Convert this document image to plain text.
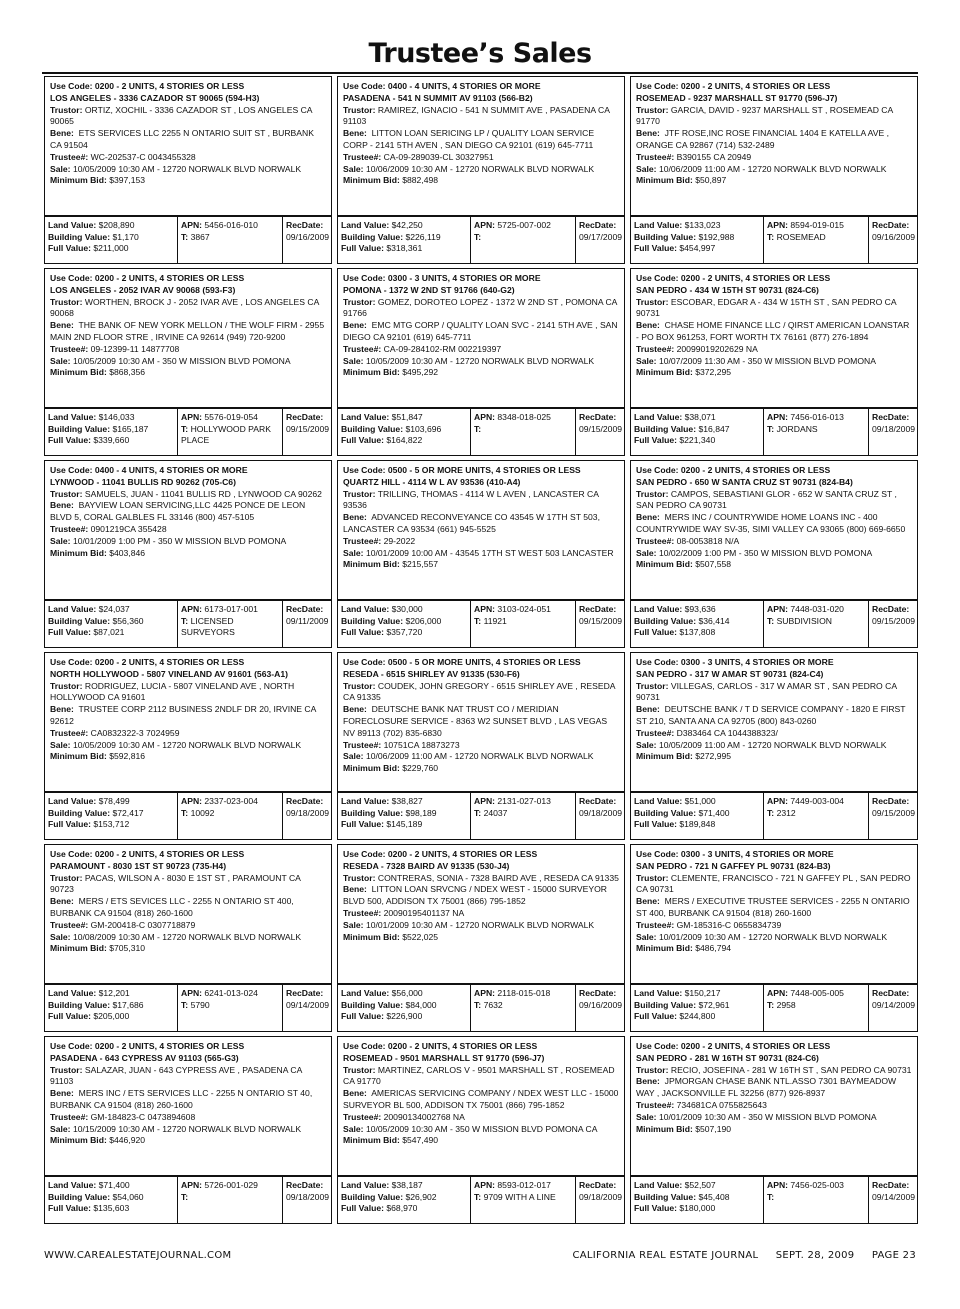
Trustee’s Sales
Use Code: 0200 - 2 UNITS, 4 STORIES OR LESS
LOS ANGELES - 3336 CAZADOR ST 90065 (594-H3)
Trustor: ORTIZ, XOCHIL - 3336 CAZADOR ST , LOS ANGELES CA 90065
Bene: ETS SERVICES LLC 2255 N ONTARIO SUIT ST , BURBANK CA 91504
Trustee#: WC-202537-C 0043455328
Sale: 10/05/2009 10:30 AM - 12720 NORWALK BLVD NORWALK
Minimum Bid: $397,153
Land Value: $208,890
Building Value: $1,170
Full Value: $211,000
APN: 5456-016-010
T: 3867
RecDate:
09/16/2009
Use Code: 0400 - 4 UNITS, 4 STORIES OR MORE
PASADENA - 541 N SUMMIT AV 91103 (566-B2)
Trustor: RAMIREZ, IGNACIO - 541 N SUMMIT AVE , PASADENA CA 91103
Bene: LITTON LOAN SERICING LP / QUALITY LOAN SERVICE CORP - 2141 5TH AVEN , SAN DIEGO CA 92101 (619) 645-7711
Trustee#: CA-09-289039-CL 30327951
Sale: 10/06/2009 10:30 AM - 12720 NORWALK BLVD NORWALK
Minimum Bid: $882,498
Land Value: $42,250
Building Value: $226,119
Full Value: $318,361
APN: 5725-007-002
T:
RecDate:
09/17/2009
Use Code: 0200 - 2 UNITS, 4 STORIES OR LESS
ROSEMEAD - 9237 MARSHALL ST 91770 (596-J7)
Trustor: GARCIA, DAVID - 9237 MARSHALL ST , ROSEMEAD CA 91770
Bene: JTF ROSE,INC ROSE FINANCIAL 1404 E KATELLA AVE , ORANGE CA 92867 (714) 532-2489
Trustee#: B390155 CA 20949
Sale: 10/06/2009 11:00 AM - 12720 NORWALK BLVD NORWALK
Minimum Bid: $50,897
Land Value: $133,023
Building Value: $192,988
Full Value: $454,997
APN: 8594-019-015
T: ROSEMEAD
RecDate:
09/16/2009
Use Code: 0200 - 2 UNITS, 4 STORIES OR LESS
LOS ANGELES - 2052 IVAR AV 90068 (593-F3)
Trustor: WORTHEN, BROCK J - 2052 IVAR AVE , LOS ANGELES CA 90068
Bene: THE BANK OF NEW YORK MELLON / THE WOLF FIRM - 2955 MAIN 2ND FLOOR STRE , IRVINE CA 92614 (949) 720-9200
Trustee#: 09-12399-11 14877708
Sale: 10/05/2009 10:30 AM - 350 W MISSION BLVD POMONA
Minimum Bid: $868,356
Land Value: $146,033
Building Value: $165,187
Full Value: $339,660
APN: 5576-019-054
T: HOLLYWOOD PARK PLACE
RecDate:
09/15/2009
Use Code: 0300 - 3 UNITS, 4 STORIES OR MORE
POMONA - 1372 W 2ND ST 91766 (640-G2)
Trustor: GOMEZ, DOROTEO LOPEZ - 1372 W 2ND ST , POMONA CA 91766
Bene: EMC MTG CORP / QUALITY LOAN SVC - 2141 5TH AVE , SAN DIEGO CA 92101 (619) 645-7711
Trustee#: CA-09-284102-RM 002219397
Sale: 10/05/2009 10:30 AM - 12720 NORWALK BLVD NORWALK
Minimum Bid: $495,292
Land Value: $51,847
Building Value: $103,696
Full Value: $164,822
APN: 8348-018-025
T:
RecDate:
09/15/2009
Use Code: 0200 - 2 UNITS, 4 STORIES OR LESS
SAN PEDRO - 434 W 15TH ST 90731 (824-C6)
Trustor: ESCOBAR, EDGAR A - 434 W 15TH ST , SAN PEDRO CA 90731
Bene: CHASE HOME FINANCE LLC / QIRST AMERICAN LOANSTAR - PO BOX 961253, FORT WORTH TX 76161 (877) 276-1894
Trustee#: 20099019202629 NA
Sale: 10/07/2009 11:30 AM - 350 W MISSION BLVD POMONA
Minimum Bid: $372,295
Land Value: $38,071
Building Value: $16,847
Full Value: $221,340
APN: 7456-016-013
T: JORDANS
RecDate:
09/18/2009
Use Code: 0400 - 4 UNITS, 4 STORIES OR MORE
LYNWOOD - 11041 BULLIS RD 90262 (705-C6)
Trustor: SAMUELS, JUAN - 11041 BULLIS RD , LYNWOOD CA 90262
Bene: BAYVIEW LOAN SERVICING,LLC 4425 PONCE DE LEON BLVD 5, CORAL GALBLES FL 33146 (800) 457-5105
Trustee#: 0901219CA 355428
Sale: 10/01/2009 1:00 PM - 350 W MISSION BLVD POMONA
Minimum Bid: $403,846
Land Value: $24,037
Building Value: $56,360
Full Value: $87,021
APN: 6173-017-001
T: LICENSED SURVEYORS
RecDate:
09/11/2009
Use Code: 0500 - 5 OR MORE UNITS, 4 STORIES OR LESS
QUARTZ HILL - 4114 W L AV 93536 (410-A4)
Trustor: TRILLING, THOMAS - 4114 W L AVEN , LANCASTER CA 93536
Bene: ADVANCED RECONVEYANCE CO 43545 W 17TH ST 503, LANCASTER CA 93534 (661) 945-5525
Trustee#: 29-2022
Sale: 10/01/2009 10:00 AM - 43545 17TH ST WEST 503 LANCASTER
Minimum Bid: $215,557
Land Value: $30,000
Building Value: $206,000
Full Value: $357,720
APN: 3103-024-051
T: 11921
RecDate:
09/15/2009
Use Code: 0200 - 2 UNITS, 4 STORIES OR LESS
SAN PEDRO - 650 W SANTA CRUZ ST 90731 (824-B4)
Trustor: CAMPOS, SEBASTIANI GLOR - 652 W SANTA CRUZ ST , SAN PEDRO CA 90731
Bene: MERS INC / COUNTRYWIDE HOME LOANS INC - 400 COUNTRYWIDE WAY SV-35, SIMI VALLEY CA 93065 (800) 669-6650
Trustee#: 08-0053818 N/A
Sale: 10/02/2009 1:00 PM - 350 W MISSION BLVD POMONA
Minimum Bid: $507,558
Land Value: $93,636
Building Value: $36,414
Full Value: $137,808
APN: 7448-031-020
T: SUBDIVISION
RecDate:
09/15/2009
Use Code: 0200 - 2 UNITS, 4 STORIES OR LESS
NORTH HOLLYWOOD - 5807 VINELAND AV 91601 (563-A1)
Trustor: RODRIGUEZ, LUCIA - 5807 VINELAND AVE , NORTH HOLLYWOOD CA 91601
Bene: TRUSTEE CORP 2112 BUSINESS 2NDLF DR 20, IRVINE CA 92612
Trustee#: CA0832322-3 7024959
Sale: 10/05/2009 10:30 AM - 12720 NORWALK BLVD NORWALK
Minimum Bid: $592,816
Land Value: $78,499
Building Value: $72,417
Full Value: $153,712
APN: 2337-023-004
T: 10092
RecDate:
09/18/2009
Use Code: 0500 - 5 OR MORE UNITS, 4 STORIES OR LESS
RESEDA - 6515 SHIRLEY AV 91335 (530-F6)
Trustor: COUDEK, JOHN GREGORY - 6515 SHIRLEY AVE , RESEDA CA 91335
Bene: DEUTSCHE BANK NAT TRUST CO / MERIDIAN FORECLOSURE SERVICE - 8363 W2 SUNSET BLVD , LAS VEGAS NV 89113 (702) 835-6830
Trustee#: 10751CA 18873273
Sale: 10/06/2009 11:00 AM - 12720 NORWALK BLVD NORWALK
Minimum Bid: $229,760
Land Value: $38,827
Building Value: $98,189
Full Value: $145,189
APN: 2131-027-013
T: 24037
RecDate:
09/18/2009
Use Code: 0300 - 3 UNITS, 4 STORIES OR MORE
SAN PEDRO - 317 W AMAR ST 90731 (824-C4)
Trustor: VILLEGAS, CARLOS - 317 W AMAR ST , SAN PEDRO CA 90731
Bene: DEUTSCHE BANK / T D SERVICE COMPANY - 1820 E FIRST ST 210, SANTA ANA CA 92705 (800) 843-0260
Trustee#: D383464 CA 1044388323/
Sale: 10/05/2009 11:00 AM - 12720 NORWALK BLVD NORWALK
Minimum Bid: $272,995
Land Value: $51,000
Building Value: $71,400
Full Value: $189,848
APN: 7449-003-004
T: 2312
RecDate:
09/15/2009
Use Code: 0200 - 2 UNITS, 4 STORIES OR LESS
PARAMOUNT - 8030 1ST ST 90723 (735-H4)
Trustor: PACAS, WILSON A - 8030 E 1ST ST , PARAMOUNT CA 90723
Bene: MERS / ETS SEVICES LLC - 2255 N ONTARIO ST 400, BURBANK CA 91504 (818) 260-1600
Trustee#: GM-200418-C 0307718879
Sale: 10/08/2009 10:30 AM - 12720 NORWALK BLVD NORWALK
Minimum Bid: $705,310
Land Value: $12,201
Building Value: $17,686
Full Value: $205,000
APN: 6241-013-024
T: 5790
RecDate:
09/14/2009
Use Code: 0200 - 2 UNITS, 4 STORIES OR LESS
RESEDA - 7328 BAIRD AV 91335 (530-J4)
Trustor: CONTRERAS, SONIA - 7328 BAIRD AVE , RESEDA CA 91335
Bene: LITTON LOAN SRVCNG / NDEX WEST - 15000 SURVEYOR BLVD 500, ADDISON TX 75001 (866) 795-1852
Trustee#: 20090195401137 NA
Sale: 10/01/2009 10:30 AM - 12720 NORWALK BLVD NORWALK
Minimum Bid: $522,025
Land Value: $56,000
Building Value: $84,000
Full Value: $226,900
APN: 2118-015-018
T: 7632
RecDate:
09/16/2009
Use Code: 0300 - 3 UNITS, 4 STORIES OR MORE
SAN PEDRO - 721 N GAFFEY PL 90731 (824-B3)
Trustor: CLEMENTE, FRANCISCO - 721 N GAFFEY PL , SAN PEDRO CA 90731
Bene: MERS / EXECUTIVE TRUSTEE SERVICES - 2255 N ONTARIO ST 400, BURBANK CA 91504 (818) 260-1600
Trustee#: GM-185316-C 0655834739
Sale: 10/01/2009 10:30 AM - 12720 NORWALK BLVD NORWALK
Minimum Bid: $486,794
Land Value: $150,217
Building Value: $72,961
Full Value: $244,800
APN: 7448-005-005
T: 2958
RecDate:
09/14/2009
Use Code: 0200 - 2 UNITS, 4 STORIES OR LESS
PASADENA - 643 CYPRESS AV 91103 (565-G3)
Trustor: SALAZAR, JUAN - 643 CYPRESS AVE , PASADENA CA 91103
Bene: MERS INC / ETS SERVICES LLC - 2255 N ONTARIO ST 40, BURBANK CA 91504 (818) 260-1600
Trustee#: GM-184823-C 0473894608
Sale: 10/15/2009 10:30 AM - 12720 NORWALK BLVD NORWALK
Minimum Bid: $446,920
Land Value: $71,400
Building Value: $54,060
Full Value: $135,603
APN: 5726-001-029
T:
RecDate:
09/18/2009
Use Code: 0200 - 2 UNITS, 4 STORIES OR LESS
ROSEMEAD - 9501 MARSHALL ST 91770 (596-J7)
Trustor: MARTINEZ, CARLOS V - 9501 MARSHALL ST , ROSEMEAD CA 91770
Bene: AMERICAS SERVICING COMPANY / NDEX WEST LLC - 15000 SURVEYOR BL 500, ADDISON TX 75001 (866) 795-1852
Trustee#: 20090134002768 NA
Sale: 10/05/2009 10:30 AM - 350 W MISSION BLVD POMONA CA
Minimum Bid: $547,490
Land Value: $38,187
Building Value: $26,902
Full Value: $68,970
APN: 8593-012-017
T: 9709 WITH A LINE
RecDate:
09/18/2009
Use Code: 0200 - 2 UNITS, 4 STORIES OR LESS
SAN PEDRO - 281 W 16TH ST 90731 (824-C6)
Trustor: RECIO, JOSEFINA - 281 W 16TH ST , SAN PEDRO CA 90731
Bene: JPMORGAN CHASE BANK NTL.ASSO 7301 BAYMEADOW WAY , JACKSONVILLE FL 32256 (877) 926-8937
Trustee#: 734681CA 0755825643
Sale: 10/01/2009 10:30 AM - 350 W MISSION BLVD POMONA
Minimum Bid: $507,190
Land Value: $52,507
Building Value: $45,408
Full Value: $180,000
APN: 7456-025-003
T:
RecDate:
09/14/2009
WWW.CAREALESTATEJOURNAL.COM	CALIFORNIA REAL ESTATE JOURNAL     SEPT. 28, 2009     PAGE 23
